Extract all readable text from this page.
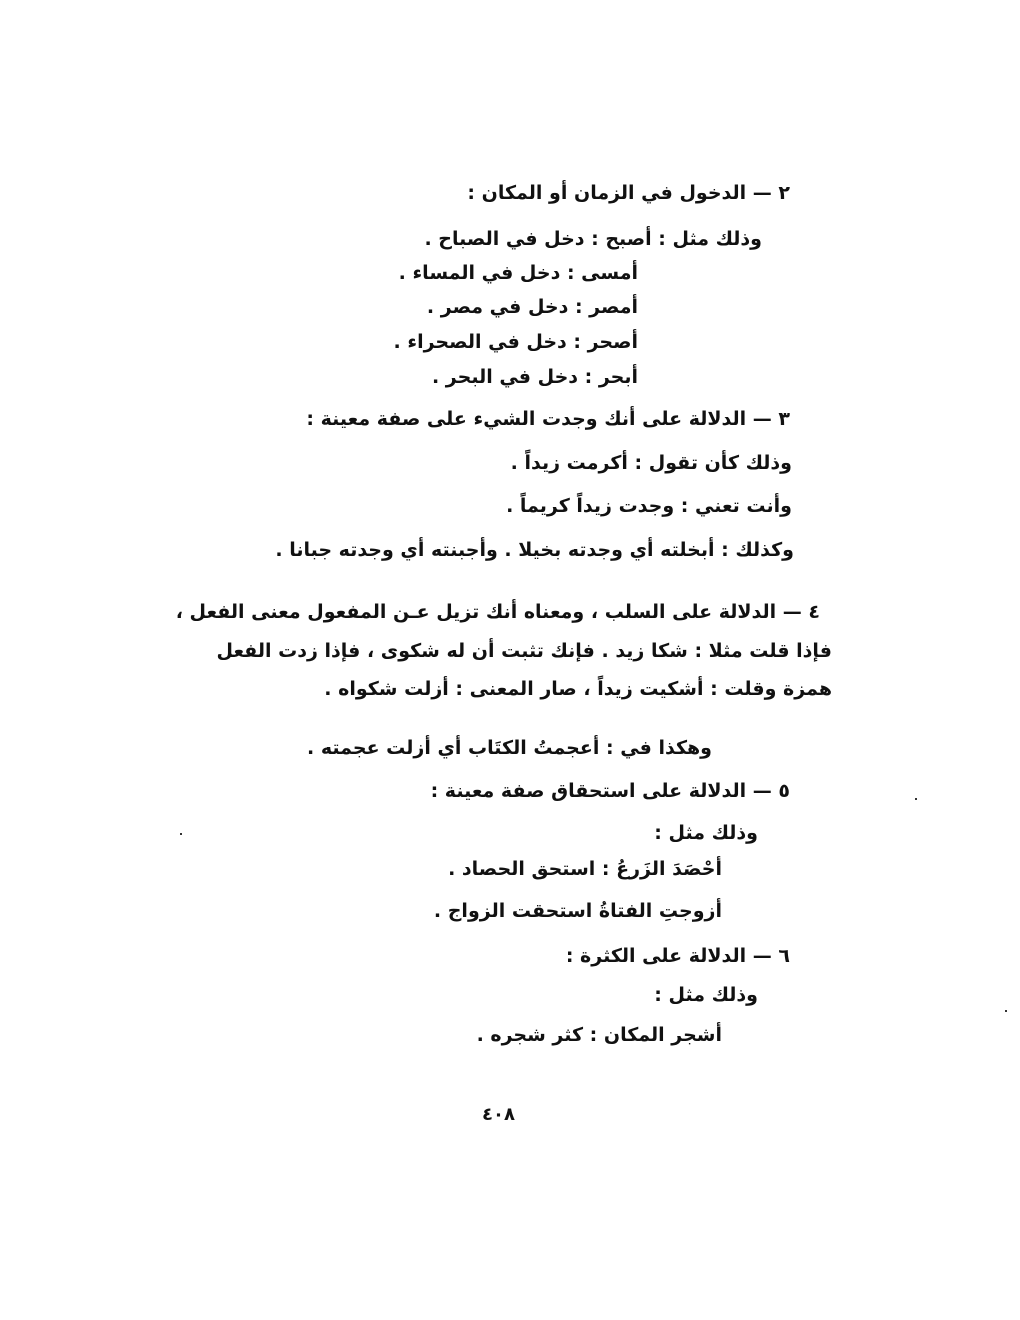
٢ — الدخول في الزمان أو المكان :
وذلك مثل : أصبح : دخل في الصباح .
أمسى : دخل في المساء .
أمصر : دخل في مصر .
أصحر : دخل في الصحراء .
أبحر : دخل في البحر .
٣ — الدلالة على أنك وجدت الشيء على صفة معينة :
وذلك كأن تقول : أكرمت زيداً .
وأنت تعني : وجدت زيداً كريماً .
وكذلك : أبخلته أي وجدته بخيلا . وأجبنته أي وجدته جبانا .
٤ — الدلالة على السلب ، ومعناه أنك تزيل عـن المفعول معنى الفعل ،
فإذا قلت مثلا : شكا زيد . فإنك تثبت أن له شكوى ، فإذا زدت الفعل
همزة وقلت : أشكيت زيداً ، صار المعنى : أزلت شكواه .
وهكذا في : أعجمتُ الكتَاب أي أزلت عجمته .
٥ — الدلالة على استحقاق صفة معينة :
وذلك مثل :
أحْصَدَ الزَرعُ : استحق الحصاد .
أزوجتِ الفتاةُ استحقت الزواج .
٦ — الدلالة على الكثرة :
وذلك مثل :
أشجر المكان : كثر شجره .
٤٠٨
